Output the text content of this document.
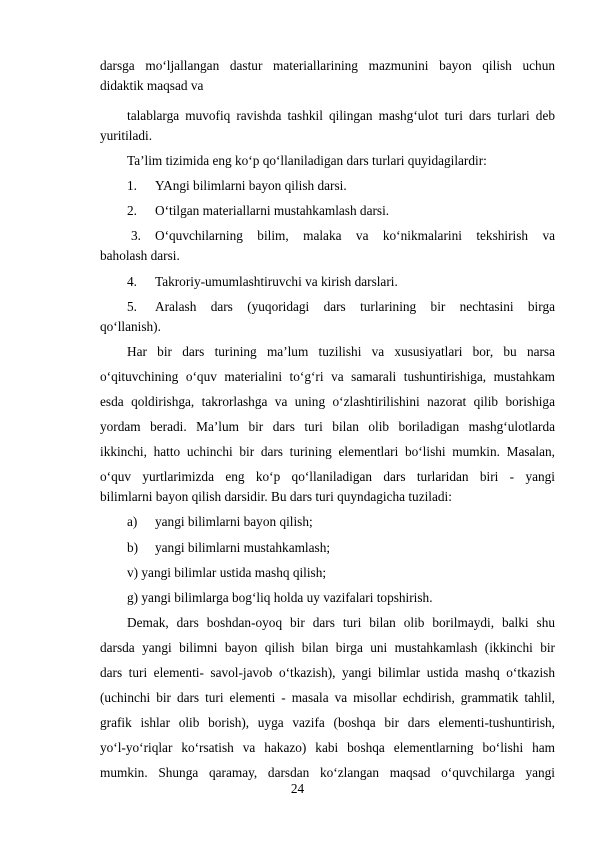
darsga mo‘ljallangan dastur materiallarining mazmunini bayon qilish uchun
didaktik maqsad va
talablarga muvofiq ravishda tashkil qilingan mashg‘ulot turi dars turlari deb
yuritiladi.
Ta’lim tizimida eng ko‘p qo‘llaniladigan dars turlari quyidagilardir:
1. YAngi bilimlarni bayon qilish darsi.
2. O‘tilgan materiallarni mustahkamlash darsi.
3. O‘quvchilarning bilim, malaka va ko‘nikmalarini tekshirish va
baholash darsi.
4. Takroriy-umumlashtiruvchi va kirish darslari.
5. Aralash dars (yuqoridagi dars turlarining bir nechtasini birga
qo‘llanish).
Har bir dars turining ma’lum tuzilishi va xususiyatlari bor, bu narsa
o‘qituvchining o‘quv materialini to‘g‘ri va samarali tushuntirishiga, mustahkam
esda qoldirishga, takrorlashga va uning o‘zlashtirilishini nazorat qilib borishiga
yordam beradi. Ma’lum bir dars turi bilan olib boriladigan mashg‘ulotlarda
ikkinchi, hatto uchinchi bir dars turining elementlari bo‘lishi mumkin. Masalan,
o‘quv yurtlarimizda eng ko‘p qo‘llaniladigan dars turlaridan biri - yangi
bilimlarni bayon qilish darsidir. Bu dars turi quyndagicha tuziladi:
a) yangi bilimlarni bayon qilish;
b) yangi bilimlarni mustahkamlash;
v) yangi bilimlar ustida mashq qilish;
g) yangi bilimlarga bog‘liq holda uy vazifalari topshirish.
Demak, dars boshdan-oyoq bir dars turi bilan olib borilmaydi, balki shu
darsda yangi bilimni bayon qilish bilan birga uni mustahkamlash (ikkinchi bir
dars turi elementi- savol-javob o‘tkazish), yangi bilimlar ustida mashq o‘tkazish
(uchinchi bir dars turi elementi - masala va misollar echdirish, grammatik tahlil,
grafik ishlar olib borish), uyga vazifa (boshqa bir dars elementi-tushuntirish,
yo‘l-yo‘riqlar ko‘rsatish va hakazo) kabi boshqa elementlarning bo‘lishi ham
mumkin. Shunga qaramay, darsdan ko‘zlangan maqsad o‘quvchilarga yangi
24
